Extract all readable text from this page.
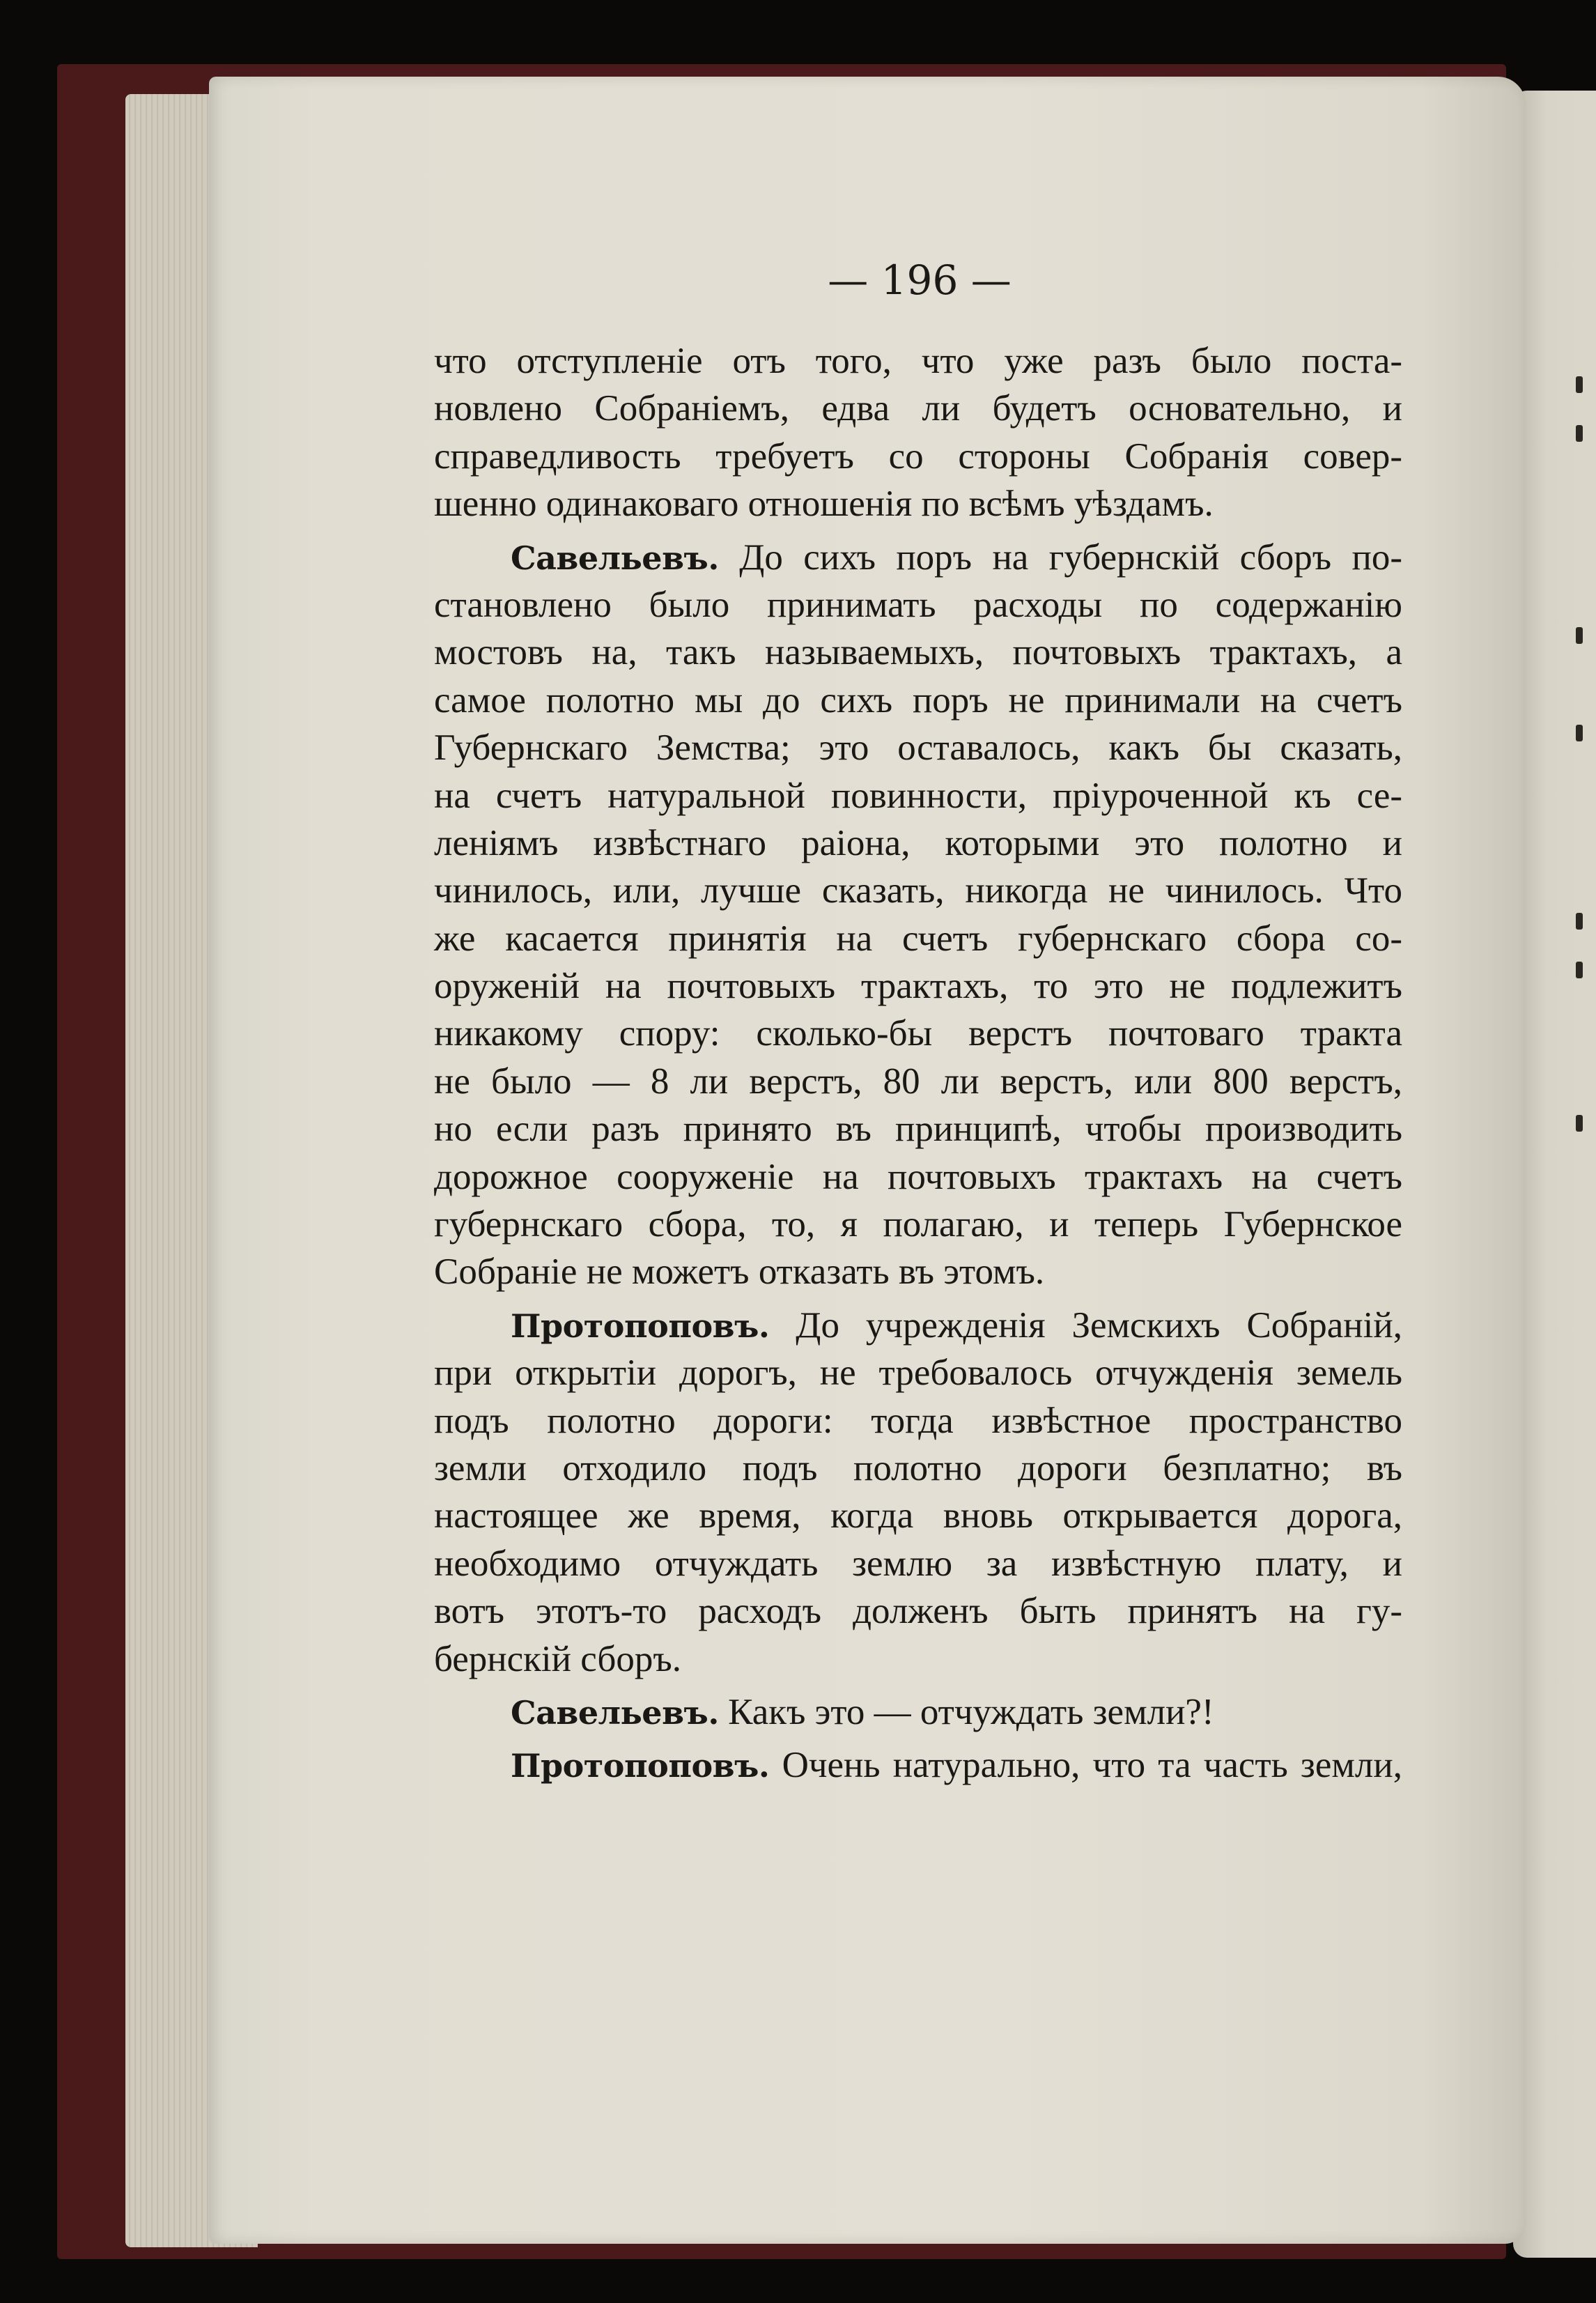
— 196 —
что отступленіе отъ того, что уже разъ было поста-
новлено Собраніемъ, едва ли будетъ основательно, и
справедливость требуетъ со стороны Собранія совер-
шенно одинаковаго отношенія по всѣмъ уѣздамъ.
Савельевъ. До сихъ поръ на губернскій сборъ по-
становлено было принимать расходы по содержанію
мостовъ на, такъ называемыхъ, почтовыхъ трактахъ, а
самое полотно мы до сихъ поръ не принимали на счетъ
Губернскаго Земства; это оставалось, какъ бы сказать,
на счетъ натуральной повинности, пріуроченной къ се-
леніямъ извѣстнаго раіона, которыми это полотно и
чинилось, или, лучше сказать, никогда не чинилось. Что
же касается принятія на счетъ губернскаго сбора со-
оруженій на почтовыхъ трактахъ, то это не подлежитъ
никакому спору: сколько-бы верстъ почтоваго тракта
не было — 8 ли верстъ, 80 ли верстъ, или 800 верстъ,
но если разъ принято въ принципѣ, чтобы производить
дорожное сооруженіе на почтовыхъ трактахъ на счетъ
губернскаго сбора, то, я полагаю, и теперь Губернское
Собраніе не можетъ отказать въ этомъ.
Протопоповъ. До учрежденія Земскихъ Собраній,
при открытіи дорогъ, не требовалось отчужденія земель
подъ полотно дороги: тогда извѣстное пространство
земли отходило подъ полотно дороги безплатно; въ
настоящее же время, когда вновь открывается дорога,
необходимо отчуждать землю за извѣстную плату, и
вотъ этотъ-то расходъ долженъ быть принятъ на гу-
бернскій сборъ.
Савельевъ. Какъ это — отчуждать земли?!
Протопоповъ. Очень натурально, что та часть земли,
